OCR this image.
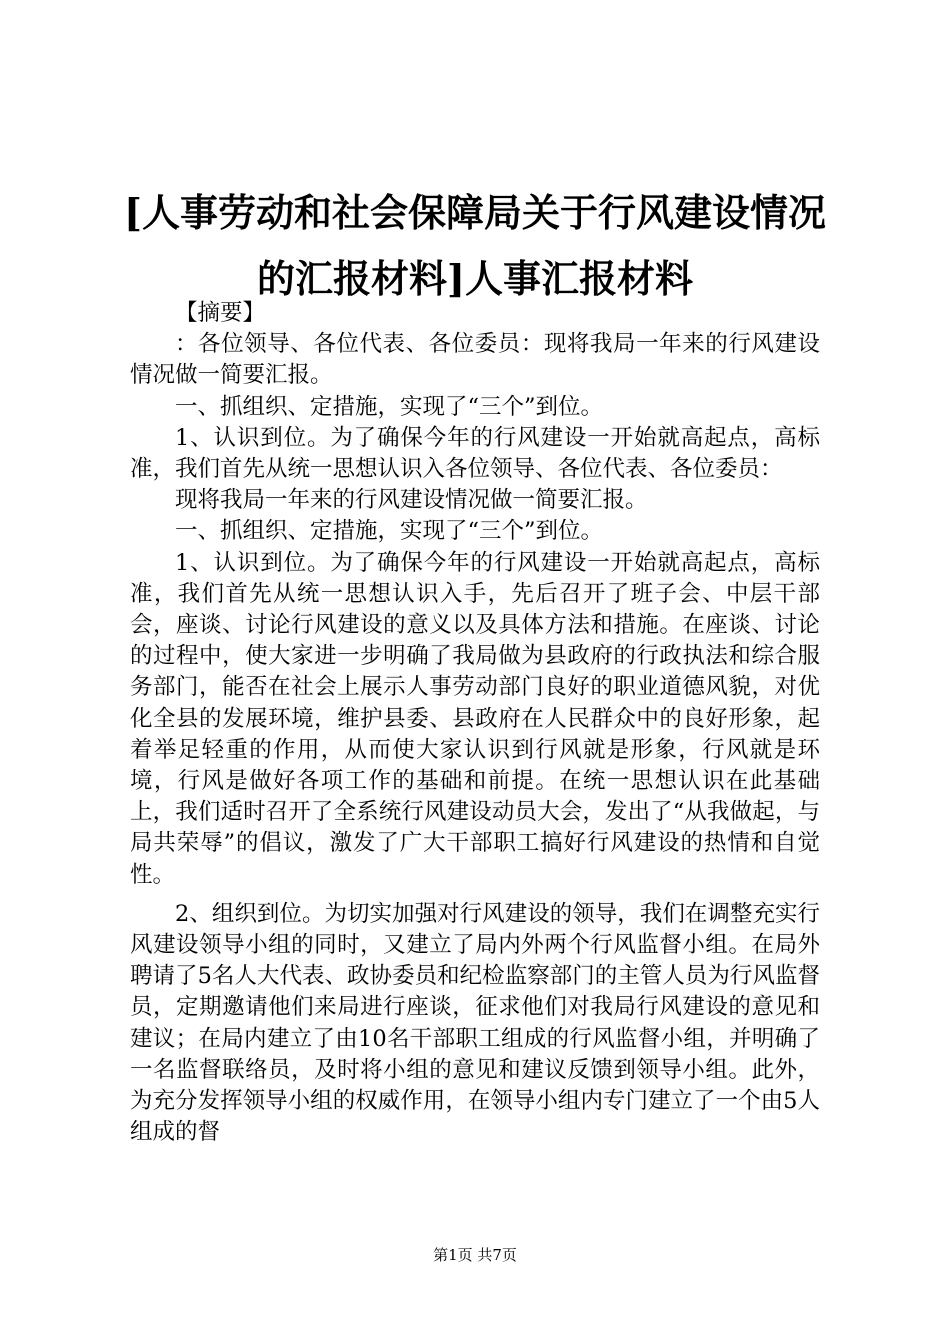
[人事劳动和社会保障局关于行风建设情况的汇报材料]人事汇报材料

【摘要】

：各位领导、各位代表、各位委员：现将我局一年来的行风建设情况做一简要汇报。

一、抓组织、定措施，实现了“三个”到位。

1、认识到位。为了确保今年的行风建设一开始就高起点，高标准，我们首先从统一思想认识入各位领导、各位代表、各位委员：

现将我局一年来的行风建设情况做一简要汇报。

一、抓组织、定措施，实现了“三个”到位。

1、认识到位。为了确保今年的行风建设一开始就高起点，高标准，我们首先从统一思想认识入手，先后召开了班子会、中层干部会，座谈、讨论行风建设的意义以及具体方法和措施。在座谈、讨论的过程中，使大家进一步明确了我局做为县政府的行政执法和综合服务部门，能否在社会上展示人事劳动部门良好的职业道德风貌，对优化全县的发展环境，维护县委、县政府在人民群众中的良好形象，起着举足轻重的作用，从而使大家认识到行风就是形象，行风就是环境，行风是做好各项工作的基础和前提。在统一思想认识在此基础上，我们适时召开了全系统行风建设动员大会，发出了“从我做起，与局共荣辱”的倡议，激发了广大干部职工搞好行风建设的热情和自觉性。

2、组织到位。为切实加强对行风建设的领导，我们在调整充实行风建设领导小组的同时，又建立了局内外两个行风监督小组。在局外聘请了5名人大代表、政协委员和纪检监察部门的主管人员为行风监督员，定期邀请他们来局进行座谈，征求他们对我局行风建设的意见和建议；在局内建立了由10名干部职工组成的行风监督小组，并明确了一名监督联络员，及时将小组的意见和建议反馈到领导小组。此外，为充分发挥领导小组的权威作用，在领导小组内专门建立了一个由5人组成的督

第1页 共7页
